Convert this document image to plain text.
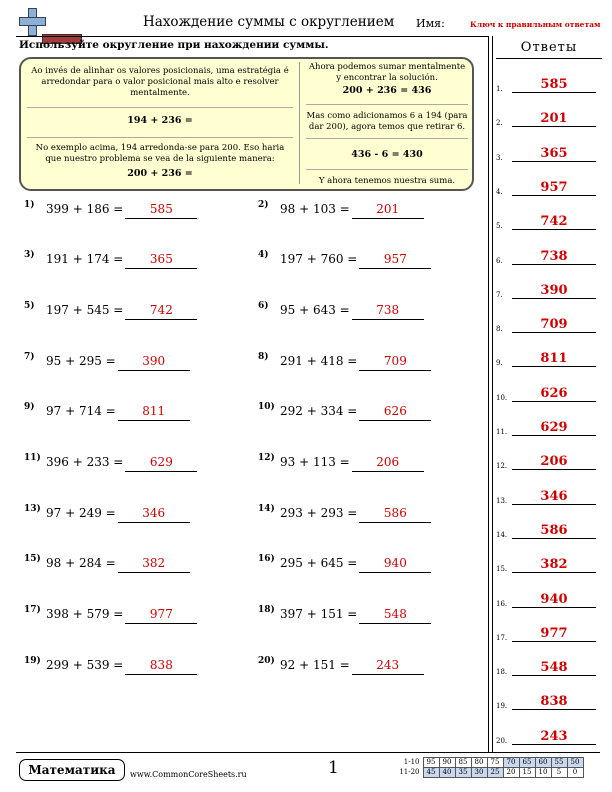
Нахождение суммы с округлением Имя:	Ключ к правильным ответам
Используйте округление при нахождении суммы.
Ao invés de alinhar os valores posicionais, uma estratégia é arredondar para o valor posicional mais alto e resolver mentalmente.
194 + 236 =
No exemplo acima, 194 arredonda-se para 200. Eso haria que nuestro problema se vea de la siguiente manera:
200 + 236 =
Ahora podemos sumar mentalmente y encontrar la solución.
200 + 236 = 436
Mas como adicionamos 6 a 194 (para dar 200), agora temos que retirar 6.
436 - 6 = 430
Y ahora tenemos nuestra suma.
Ответы
1.	585
2.	201
3.	365
4.	957
5.	742
6.	738
7.	390
8.	709
9.	811
10.	626
11.	629
12.	206
13.	346
14.	586
15.	382
16.	940
17.	977
18.	548
19.	838
20.	243
1) 399 + 186 =	585	2) 98 + 103 =	201
3) 191 + 174 =	365	4) 197 + 760 =	957
5) 197 + 545 =	742	6) 95 + 643 =	738
7) 95 + 295 =	390	8) 291 + 418 =	709
9) 97 + 714 =	811	10) 292 + 334 =	626
11) 396 + 233 =	629	12) 93 + 113 =	206
13) 97 + 249 =	346	14) 293 + 293 =	586
15) 98 + 284 =	382	16) 295 + 645 =	940
17) 398 + 579 =	977	18) 397 + 151 =	548
19) 299 + 539 =	838	20) 92 + 151 =	243
Математика	www.CommonCoreSheets.ru	1	1-10	95	90	85	80	75	70	65	60	55	50
11-20	45	40	35	30	25	20	15	10	5	0
